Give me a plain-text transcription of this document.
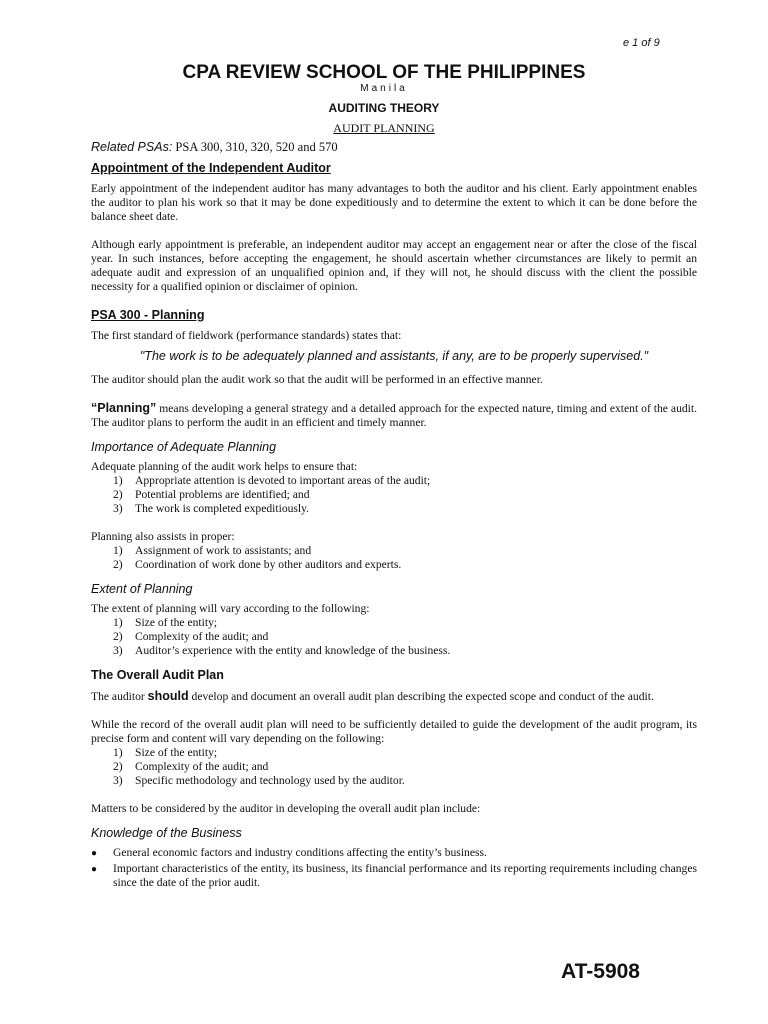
e 1 of 9
CPA REVIEW SCHOOL OF THE PHILIPPINES
Manila
AUDITING THEORY
AUDIT PLANNING

Related PSAs: PSA 300, 310, 320, 520 and 570

Appointment of the Independent Auditor

Early appointment of the independent auditor has many advantages to both the auditor and his client. Early appointment enables the auditor to plan his work so that it may be done expeditiously and to determine the extent to which it can be done before the balance sheet date.

Although early appointment is preferable, an independent auditor may accept an engagement near or after the close of the fiscal year. In such instances, before accepting the engagement, he should ascertain whether circumstances are likely to permit an adequate audit and expression of an unqualified opinion and, if they will not, he should discuss with the client the possible necessity for a qualified opinion or disclaimer of opinion.

PSA 300 - Planning

The first standard of fieldwork (performance standards) states that:

"The work is to be adequately planned and assistants, if any, are to be properly supervised."

The auditor should plan the audit work so that the audit will be performed in an effective manner.

“Planning” means developing a general strategy and a detailed approach for the expected nature, timing and extent of the audit. The auditor plans to perform the audit in an efficient and timely manner.

Importance of Adequate Planning

Adequate planning of the audit work helps to ensure that:

1)	Appropriate attention is devoted to important areas of the audit;
2)	Potential problems are identified; and
3)	The work is completed expeditiously.

Planning also assists in proper:

1)	Assignment of work to assistants; and
2)	Coordination of work done by other auditors and experts.
Extent of Planning

The extent of planning will vary according to the following:

1)	Size of the entity;
2)	Complexity of the audit; and
3)	Auditor’s experience with the entity and knowledge of the business.
The Overall Audit Plan

The auditor should develop and document an overall audit plan describing the expected scope and conduct of the audit.

While the record of the overall audit plan will need to be sufficiently detailed to guide the development of the audit program, its precise form and content will vary depending on the following:

1)	Size of the entity;
2)	Complexity of the audit; and
3)	Specific methodology and technology used by the auditor.

Matters to be considered by the auditor in developing the overall audit plan include:

Knowledge of the Business
●	General economic factors and industry conditions affecting the entity’s business.
●	Important characteristics of the entity, its business, its financial performance and its reporting requirements including changes since the date of the prior audit.
AT-5908
